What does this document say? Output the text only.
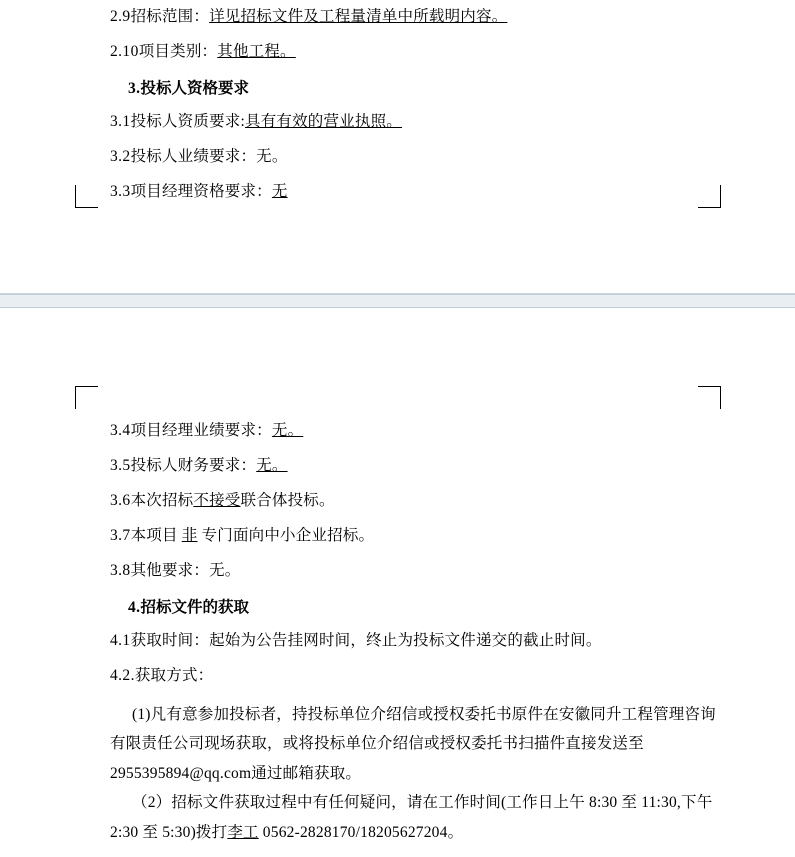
2.9招标范围：详见招标文件及工程量清单中所载明内容。
2.10项目类别：其他工程。
3.投标人资格要求
3.1投标人资质要求:具有有效的营业执照。
3.2投标人业绩要求：无。
3.3项目经理资格要求：无
3.4项目经理业绩要求：无。
3.5投标人财务要求：无。
3.6本次招标不接受联合体投标。
3.7本项目 非 专门面向中小企业招标。
3.8其他要求：无。
4.招标文件的获取
4.1获取时间：起始为公告挂网时间，终止为投标文件递交的截止时间。
4.2.获取方式：

(1)凡有意参加投标者，持投标单位介绍信或授权委托书原件在安徽同升工程管理咨询有限责任公司现场获取，或将投标单位介绍信或授权委托书扫描件直接发送至 2955395894@qq.com通过邮箱获取。

（2）招标文件获取过程中有任何疑问，请在工作时间(工作日上午 8:30 至 11:30,下午 2:30 至 5:30)拨打李工 0562-2828170/18205627204。
